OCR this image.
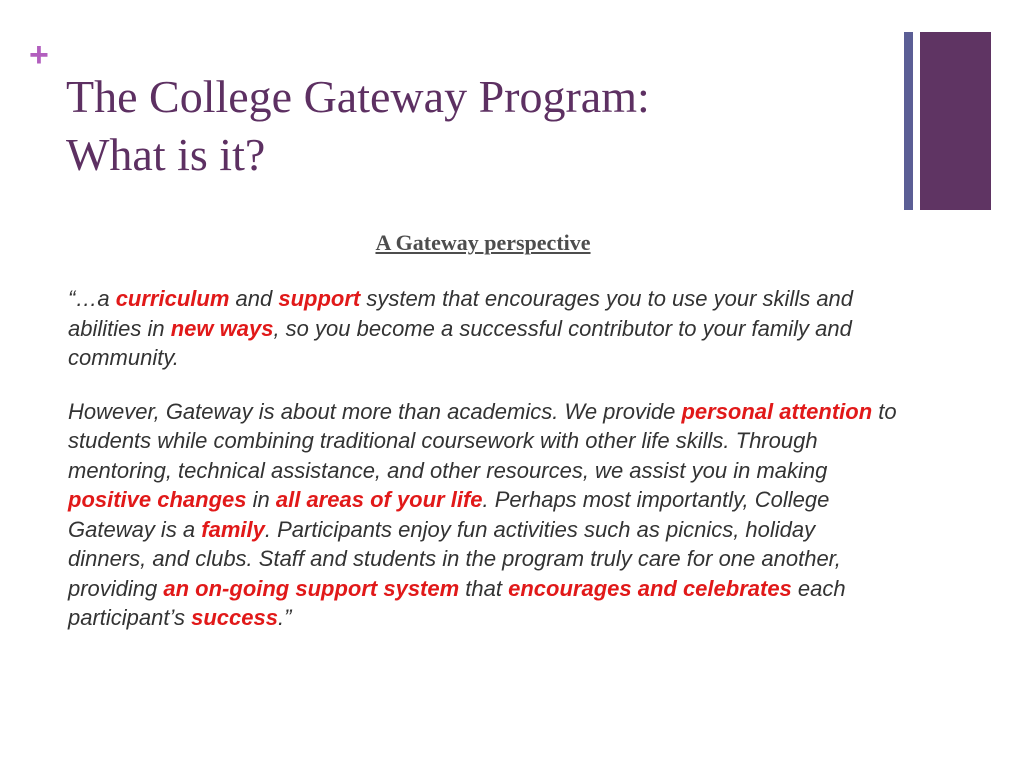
+
The College Gateway Program:
What is it?

A Gateway perspective

“…a curriculum and support system that encourages you to use your skills and abilities in new ways, so you become a successful contributor to your family and community.

However, Gateway is about more than academics. We provide personal attention to students while combining traditional coursework with other life skills. Through mentoring, technical assistance, and other resources, we assist you in making positive changes in all areas of your life. Perhaps most importantly, College Gateway is a family. Participants enjoy fun activities such as picnics, holiday dinners, and clubs. Staff and students in the program truly care for one another, providing an on-going support system that encourages and celebrates each participant’s success.”
